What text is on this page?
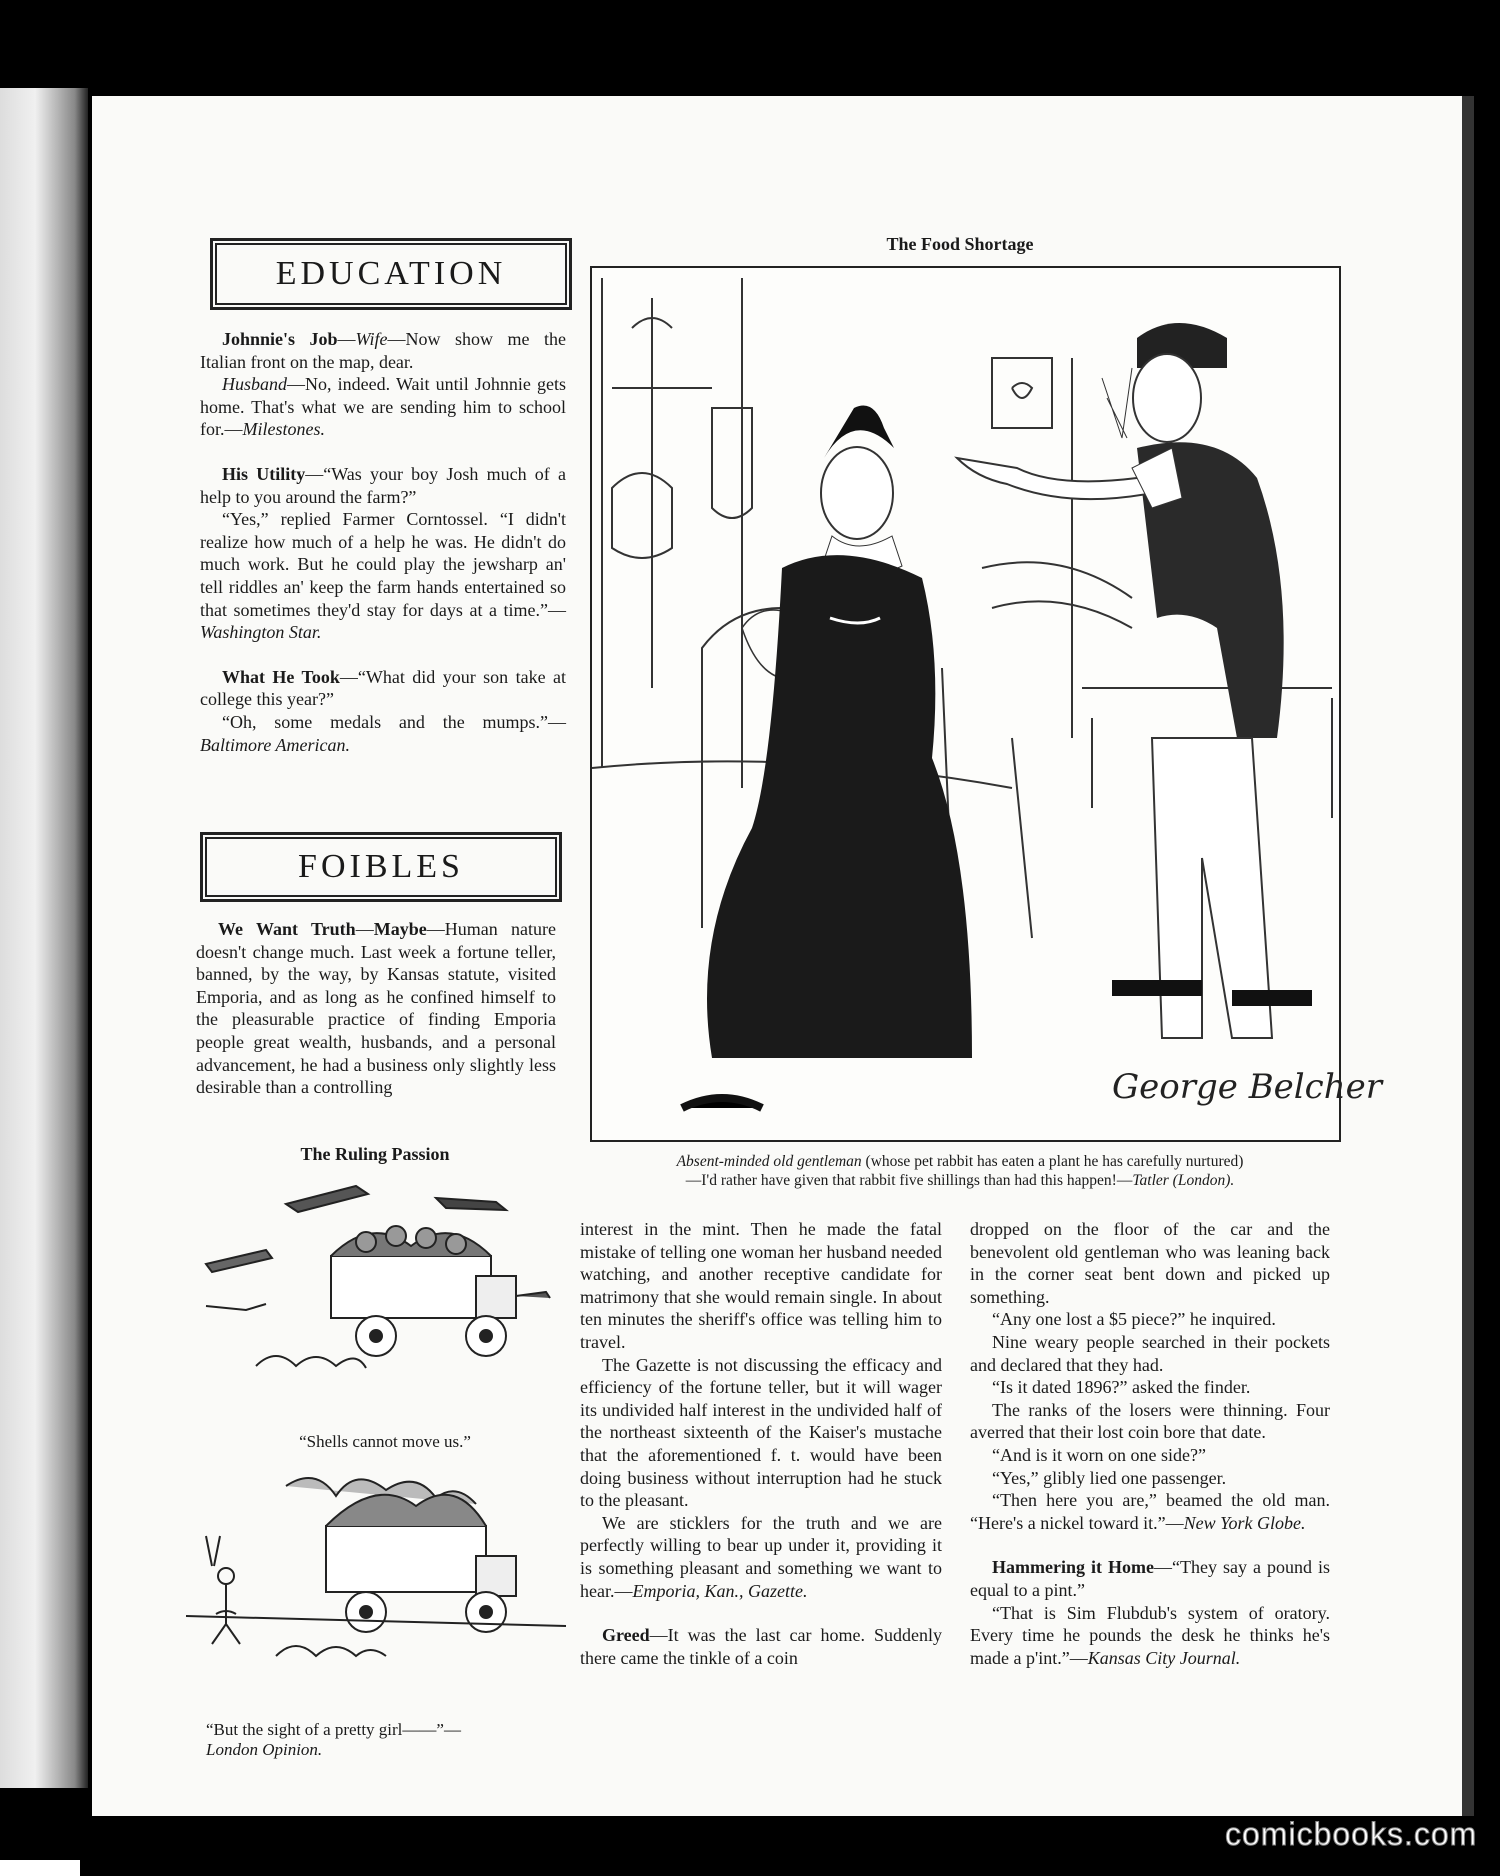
EDUCATION

Johnnie's Job—Wife—Now show me the Italian front on the map, dear.

Husband—No, indeed. Wait until Johnnie gets home. That's what we are sending him to school for.—Milestones.

His Utility—“Was your boy Josh much of a help to you around the farm?”

“Yes,” replied Farmer Corntossel. “I didn't realize how much of a help he was. He didn't do much work. But he could play the jewsharp an' tell riddles an' keep the farm hands entertained so that sometimes they'd stay for days at a time.”—Washington Star.

What He Took—“What did your son take at college this year?”

“Oh, some medals and the mumps.”—Baltimore American.

FOIBLES

We Want Truth—Maybe—Human nature doesn't change much. Last week a fortune teller, banned, by the way, by Kansas statute, visited Emporia, and as long as he confined himself to the pleasurable practice of finding Emporia people great wealth, husbands, and a personal advancement, he had a business only slightly less desirable than a controlling

The Ruling Passion
“Shells cannot move us.”
“But the sight of a pretty girl——”—
London Opinion.
The Food Shortage
George Belcher
Absent-minded old gentleman (whose pet rabbit has eaten a plant he has carefully nurtured)
—I'd rather have given that rabbit five shillings than had this happen!—Tatler (London).

interest in the mint. Then he made the fatal mistake of telling one woman her husband needed watching, and another receptive candidate for matrimony that she would remain single. In about ten minutes the sheriff's office was telling him to travel.

The Gazette is not discussing the efficacy and efficiency of the fortune teller, but it will wager its undivided half interest in the undivided half of the northeast sixteenth of the Kaiser's mustache that the aforementioned f. t. would have been doing business without interruption had he stuck to the pleasant.

We are sticklers for the truth and we are perfectly willing to bear up under it, providing it is something pleasant and something we want to hear.—Emporia, Kan., Gazette.

Greed—It was the last car home. Suddenly there came the tinkle of a coin

dropped on the floor of the car and the benevolent old gentleman who was leaning back in the corner seat bent down and picked up something.

“Any one lost a $5 piece?” he inquired.

Nine weary people searched in their pockets and declared that they had.

“Is it dated 1896?” asked the finder.

The ranks of the losers were thinning. Four averred that their lost coin bore that date.

“And is it worn on one side?”

“Yes,” glibly lied one passenger.

“Then here you are,” beamed the old man. “Here's a nickel toward it.”—New York Globe.

Hammering it Home—“They say a pound is equal to a pint.”

“That is Sim Flubdub's system of oratory. Every time he pounds the desk he thinks he's made a p'int.”—Kansas City Journal.

comicbooks.com
